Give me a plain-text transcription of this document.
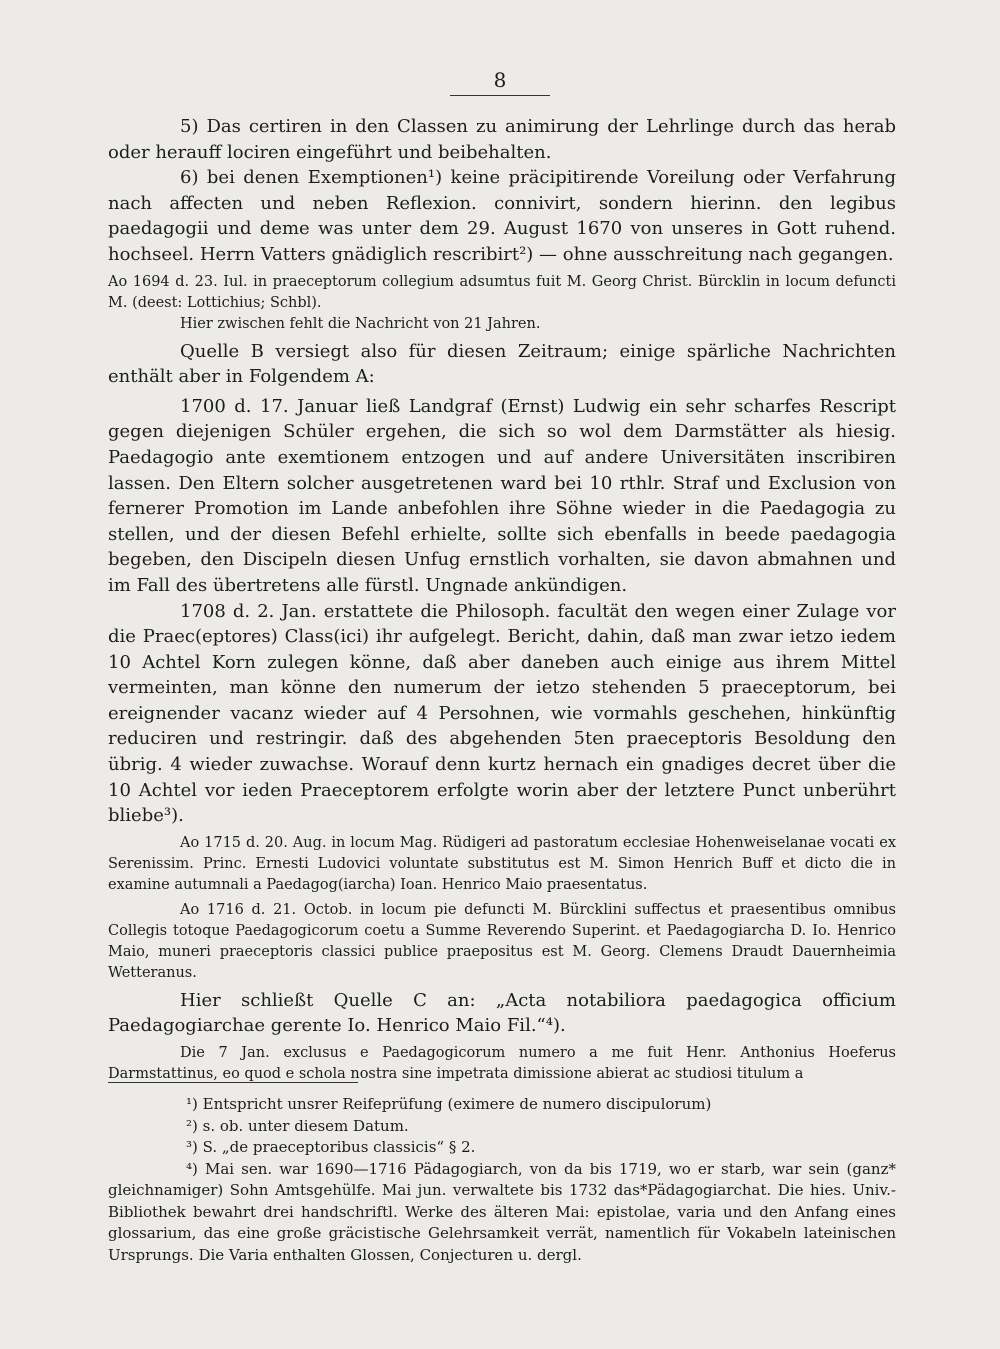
8

5) Das certiren in den Classen zu animirung der Lehrlinge durch das herab oder herauff lociren eingeführt und beibehalten.

6) bei denen Exemptionen¹) keine präcipitirende Voreilung oder Verfahrung nach affecten und neben Reflexion. connivirt, sondern hierinn. den legibus paedagogii und deme was unter dem 29. August 1670 von unseres in Gott ruhend. hochseel. Herrn Vatters gnädiglich rescribirt²) — ohne ausschreitung nach gegangen.

Ao 1694 d. 23. Iul. in praeceptorum collegium adsumtus fuit M. Georg Christ. Bürcklin in locum defuncti M. (deest: Lottichius; Schbl).

Hier zwischen fehlt die Nachricht von 21 Jahren.

Quelle B versiegt also für diesen Zeitraum; einige spärliche Nachrichten enthält aber in Folgendem A:

1700 d. 17. Januar ließ Landgraf (Ernst) Ludwig ein sehr scharfes Rescript gegen diejenigen Schüler ergehen, die sich so wol dem Darmstätter als hiesig. Paedagogio ante exemtionem entzogen und auf andere Universitäten inscribiren lassen. Den Eltern solcher ausgetretenen ward bei 10 rthlr. Straf und Exclusion von fernerer Promotion im Lande anbefohlen ihre Söhne wieder in die Paedagogia zu stellen, und der diesen Befehl erhielte, sollte sich ebenfalls in beede paedagogia begeben, den Discipeln diesen Unfug ernstlich vorhalten, sie davon abmahnen und im Fall des übertretens alle fürstl. Ungnade ankündigen.

1708 d. 2. Jan. erstattete die Philosoph. facultät den wegen einer Zulage vor die Praec(eptores) Class(ici) ihr aufgelegt. Bericht, dahin, daß man zwar ietzo iedem 10 Achtel Korn zulegen könne, daß aber daneben auch einige aus ihrem Mittel vermeinten, man könne den numerum der ietzo stehenden 5 praeceptorum, bei ereignender vacanz wieder auf 4 Persohnen, wie vormahls geschehen, hinkünftig reduciren und restringir. daß des abgehenden 5ten praeceptoris Besoldung den übrig. 4 wieder zuwachse. Worauf denn kurtz hernach ein gnadiges decret über die 10 Achtel vor ieden Praeceptorem erfolgte worin aber der letztere Punct unberührt bliebe³).

Ao 1715 d. 20. Aug. in locum Mag. Rüdigeri ad pastoratum ecclesiae Hohenweiselanae vocati ex Serenissim. Princ. Ernesti Ludovici voluntate substitutus est M. Simon Henrich Buff et dicto die in examine autumnali a Paedagog(iarcha) Ioan. Henrico Maio praesentatus.

Ao 1716 d. 21. Octob. in locum pie defuncti M. Bürcklini suffectus et praesentibus omnibus Collegis totoque Paedagogicorum coetu a Summe Reverendo Superint. et Paedagogiarcha D. Io. Henrico Maio, muneri praeceptoris classici publice praepositus est M. Georg. Clemens Draudt Dauernheimia Wetteranus.

Hier schließt Quelle C an: „Acta notabiliora paedagogica officium Paedagogiarchae gerente Io. Henrico Maio Fil.“⁴).

Die 7 Jan. exclusus e Paedagogicorum numero a me fuit Henr. Anthonius Hoeferus Darmstattinus, eo quod e schola nostra sine impetrata dimissione abierat ac studiosi titulum a

¹) Entspricht unsrer Reifeprüfung (eximere de numero discipulorum)

²) s. ob. unter diesem Datum.

³) S. „de praeceptoribus classicis“ § 2.

⁴) Mai sen. war 1690—1716 Pädagogiarch, von da bis 1719, wo er starb, war sein (ganz* gleichnamiger) Sohn Amtsgehülfe. Mai jun. verwaltete bis 1732 das*Pädagogiarchat. Die hies. Univ.-Bibliothek bewahrt drei handschriftl. Werke des älteren Mai: epistolae, varia und den Anfang eines glossarium, das eine große gräcistische Gelehrsamkeit verrät, namentlich für Vokabeln lateinischen Ursprungs. Die Varia enthalten Glossen, Conjecturen u. dergl.
